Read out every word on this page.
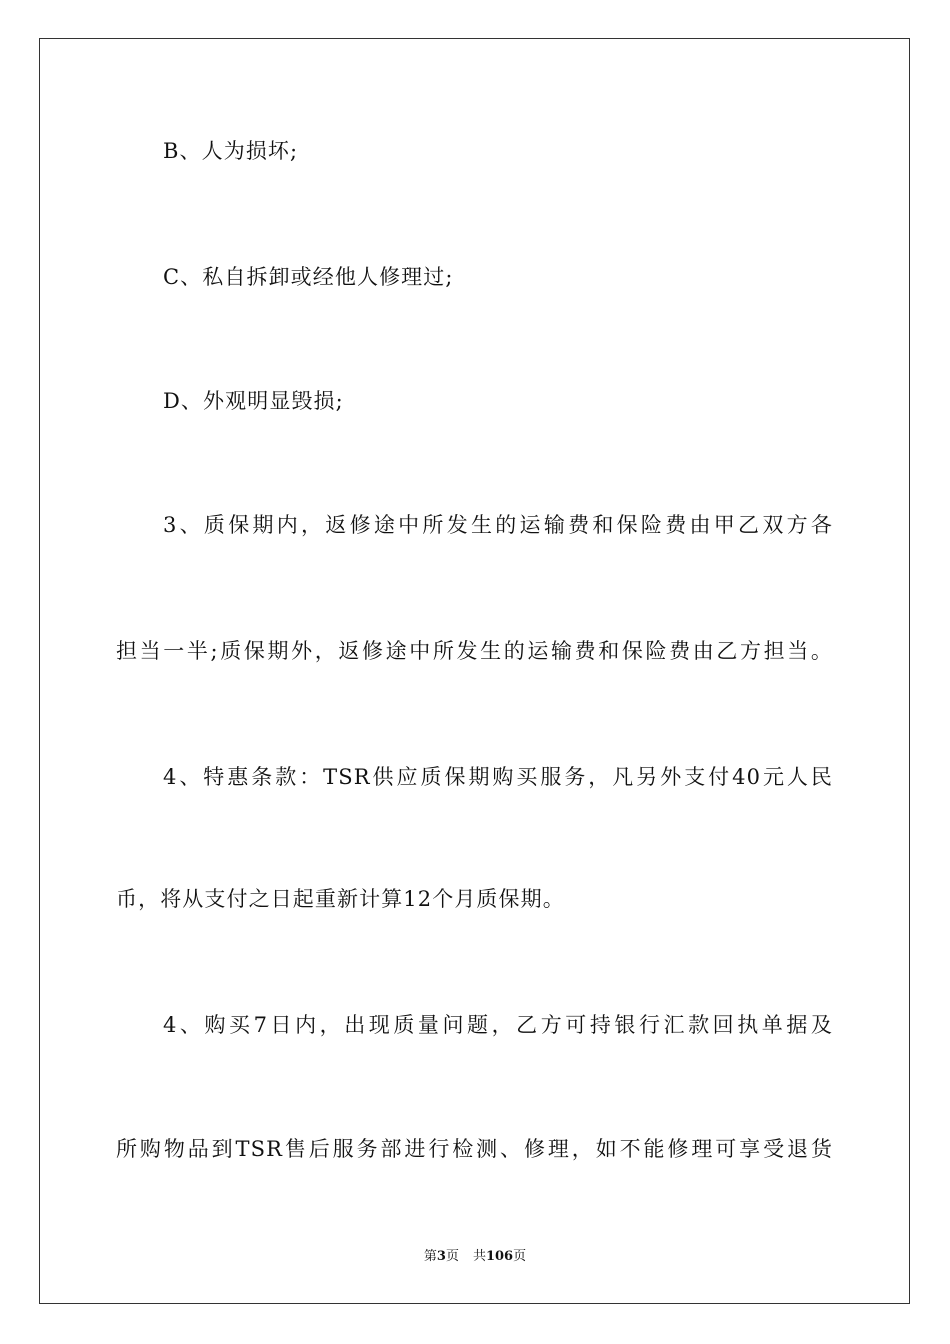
B、人为损坏;
C、私自拆卸或经他人修理过;
D、外观明显毁损;
3、质保期内，返修途中所发生的运输费和保险费由甲乙双方各
担当一半;质保期外，返修途中所发生的运输费和保险费由乙方担当。
4、特惠条款：TSR供应质保期购买服务，凡另外支付40元人民
币，将从支付之日起重新计算12个月质保期。
4、购买7日内，出现质量问题，乙方可持银行汇款回执单据及
所购物品到TSR售后服务部进行检测、修理，如不能修理可享受退货
第3页 共106页
